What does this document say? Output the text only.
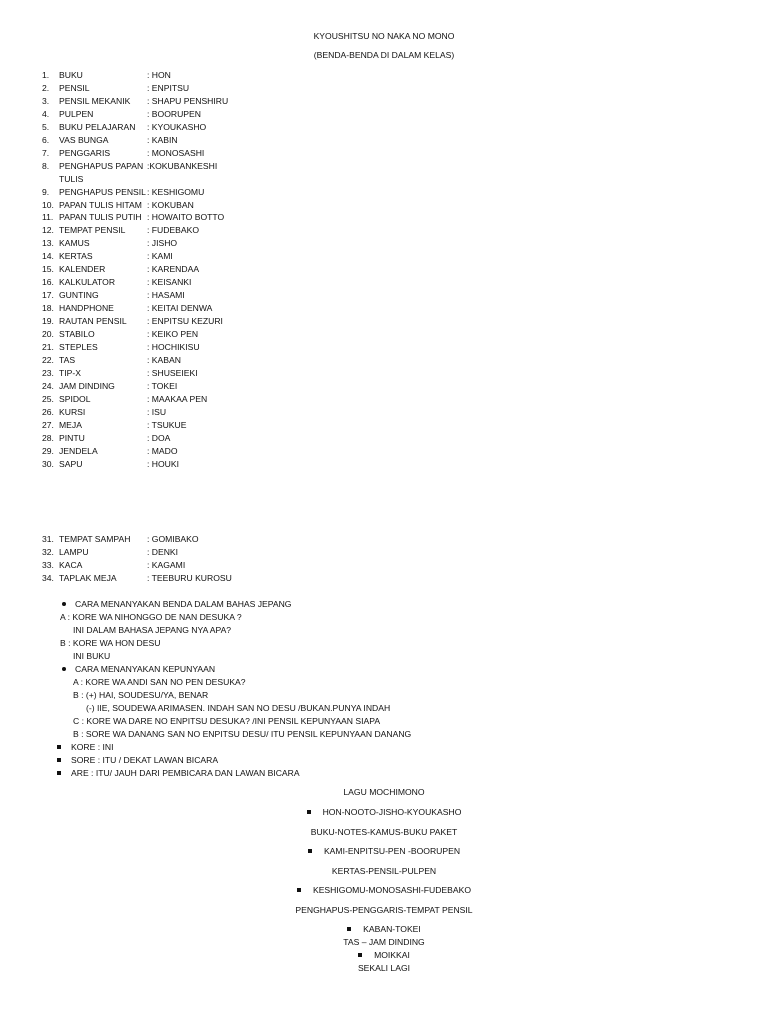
KYOUSHITSU NO NAKA NO MONO
(BENDA-BENDA DI DALAM KELAS)
1. BUKU	: HON
2. PENSIL	: ENPITSU
3. PENSIL MEKANIK : SHAPU PENSHIRU
4. PULPEN	: BOORUPEN
5. BUKU PELAJARAN : KYOUKASHO
6. VAS BUNGA	: KABIN
7. PENGGARIS	: MONOSASHI
8. PENGHAPUS PAPAN :KOKUBANKESHI
TULIS
9. PENGHAPUS PENSIL : KESHIGOMU
10. PAPAN TULIS HITAM : KOKUBAN
11. PAPAN TULIS PUTIH : HOWAITO BOTTO
12. TEMPAT PENSIL	: FUDEBAKO
13. KAMUS	: JISHO
14. KERTAS	: KAMI
15. KALENDER	: KARENDAA
16. KALKULATOR	: KEISANKI
17. GUNTING	: HASAMI
18. HANDPHONE	: KEITAI DENWA
19. RAUTAN PENSIL : ENPITSU KEZURI
20. STABILO	: KEIKO PEN
21. STEPLES	: HOCHIKISU
22. TAS	: KABAN
23. TIP-X	: SHUSEIEKI
24. JAM DINDING	: TOKEI
25. SPIDOL	: MAAKAA PEN
26. KURSI	: ISU
27. MEJA	: TSUKUE
28. PINTU	: DOA
29. JENDELA	: MADO
30. SAPU	: HOUKI
31. TEMPAT SAMPAH : GOMIBAKO
32. LAMPU	: DENKI
33. KACA	: KAGAMI
34. TAPLAK MEJA	: TEEBURU KUROSU
CARA MENANYAKAN BENDA DALAM BAHAS JEPANG
A : KORE WA NIHONGGO DE NAN DESUKA ?
INI DALAM BAHASA JEPANG NYA APA?
B : KORE WA HON DESU
INI BUKU
CARA MENANYAKAN KEPUNYAAN
A : KORE WA ANDI SAN NO PEN DESUKA?
B : (+) HAI, SOUDESU/YA, BENAR
(-) IIE, SOUDEWA ARIMASEN. INDAH SAN NO DESU /BUKAN.PUNYA INDAH
C : KORE WA DARE NO ENPITSU DESUKA? /INI PENSIL KEPUNYAAN SIAPA
B : SORE WA DANANG SAN NO ENPITSU DESU/ ITU PENSIL KEPUNYAAN DANANG
KORE : INI
SORE : ITU / DEKAT LAWAN BICARA
ARE : ITU/ JAUH DARI PEMBICARA DAN LAWAN BICARA
LAGU MOCHIMONO
HON-NOOTO-JISHO-KYOUKASHO
BUKU-NOTES-KAMUS-BUKU PAKET
KAMI-ENPITSU-PEN -BOORUPEN
KERTAS-PENSIL-PULPEN
KESHIGOMU-MONOSASHI-FUDEBAKO
PENGHAPUS-PENGGARIS-TEMPAT PENSIL
KABAN-TOKEI
TAS – JAM DINDING
MOIKKAI
SEKALI LAGI
